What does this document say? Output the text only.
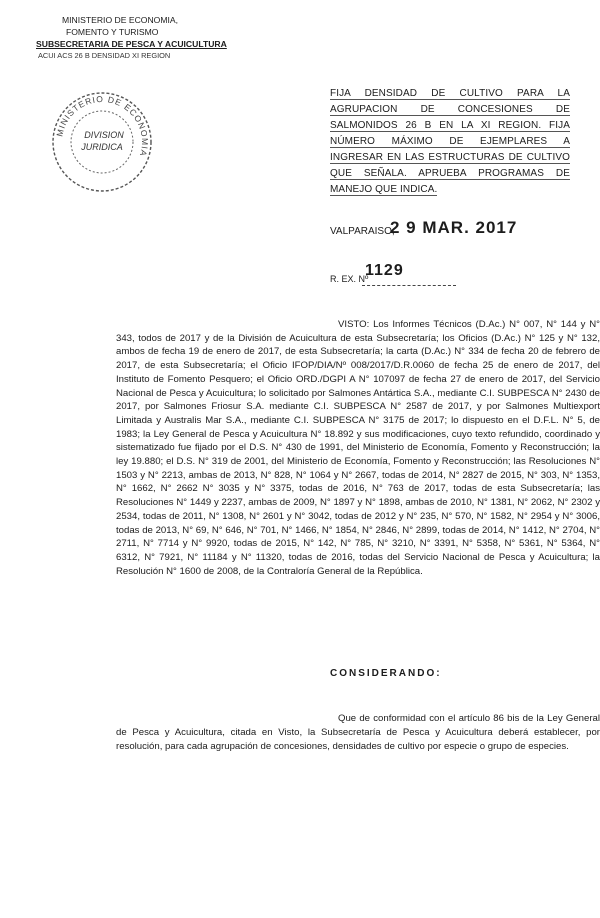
MINISTERIO DE ECONOMIA,
FOMENTO Y TURISMO
SUBSECRETARIA DE PESCA Y ACUICULTURA
ACUI ACS 26 B DENSIDAD XI REGION
MINISTERIO DE ECONOMIA
DIVISION
JURIDICA
FIJA DENSIDAD DE CULTIVO PARA LA AGRUPACION DE CONCESIONES DE SALMONIDOS 26 B EN LA XI REGION. FIJA NÚMERO MÁXIMO DE EJEMPLARES A INGRESAR EN LAS ESTRUCTURAS DE CULTIVO QUE SEÑALA. APRUEBA PROGRAMAS DE MANEJO QUE INDICA.
VALPARAISO,
2 9 MAR. 2017
1129
R. EX. Nº

VISTO: Los Informes Técnicos (D.Ac.) N° 007, N° 144 y N° 343, todos de 2017 y de la División de Acuicultura de esta Subsecretaría; los Oficios (D.Ac.) N° 125 y N° 132, ambos de fecha 19 de enero de 2017, de esta Subsecretaría; la carta (D.Ac.) N° 334 de fecha 20 de febrero de 2017, de esta Subsecretaría; el Oficio IFOP/DIA/Nº 008/2017/D.R.0060 de fecha 25 de enero de 2017, del Instituto de Fomento Pesquero; el Oficio ORD./DGPI A N° 107097 de fecha 27 de enero de 2017, del Servicio Nacional de Pesca y Acuicultura; lo solicitado por Salmones Antártica S.A., mediante C.I. SUBPESCA N° 2430 de 2017, por Salmones Friosur S.A. mediante C.I. SUBPESCA N° 2587 de 2017, y por Salmones Multiexport Limitada y Australis Mar S.A., mediante C.I. SUBPESCA N° 3175 de 2017; lo dispuesto en el D.F.L. N° 5, de 1983; la Ley General de Pesca y Acuicultura N° 18.892 y sus modificaciones, cuyo texto refundido, coordinado y sistematizado fue fijado por el D.S. N° 430 de 1991, del Ministerio de Economía, Fomento y Reconstrucción; la ley 19.880; el D.S. N° 319 de 2001, del Ministerio de Economía, Fomento y Reconstrucción; las Resoluciones N° 1503 y N° 2213, ambas de 2013, N° 828, N° 1064 y N° 2667, todas de 2014, N° 2827 de 2015, N° 303, N° 1353, N° 1662, N° 2662 N° 3035 y N° 3375, todas de 2016, N° 763 de 2017, todas de esta Subsecretaría; las Resoluciones N° 1449 y 2237, ambas de 2009, N° 1897 y N° 1898, ambas de 2010, N° 1381, N° 2062, N° 2302 y 2534, todas de 2011, N° 1308, N° 2601 y N° 3042, todas de 2012 y N° 235, N° 570, N° 1582, N° 2954 y N° 3006, todas de 2013, N° 69, N° 646, N° 701, N° 1466, N° 1854, N° 2846, N° 2899, todas de 2014, N° 1412, N° 2704, N° 2711, N° 7714 y N° 9920, todas de 2015, N° 142, N° 785, N° 3210, N° 3391, N° 5358, N° 5361, N° 5364, N° 6312, N° 7921, N° 11184 y N° 11320, todas de 2016, todas del Servicio Nacional de Pesca y Acuicultura; la Resolución N° 1600 de 2008, de la Contraloría General de la República.

CONSIDERANDO:

Que de conformidad con el artículo 86 bis de la Ley General de Pesca y Acuicultura, citada en Visto, la Subsecretaría de Pesca y Acuicultura deberá establecer, por resolución, para cada agrupación de concesiones, densidades de cultivo por especie o grupo de especies.
